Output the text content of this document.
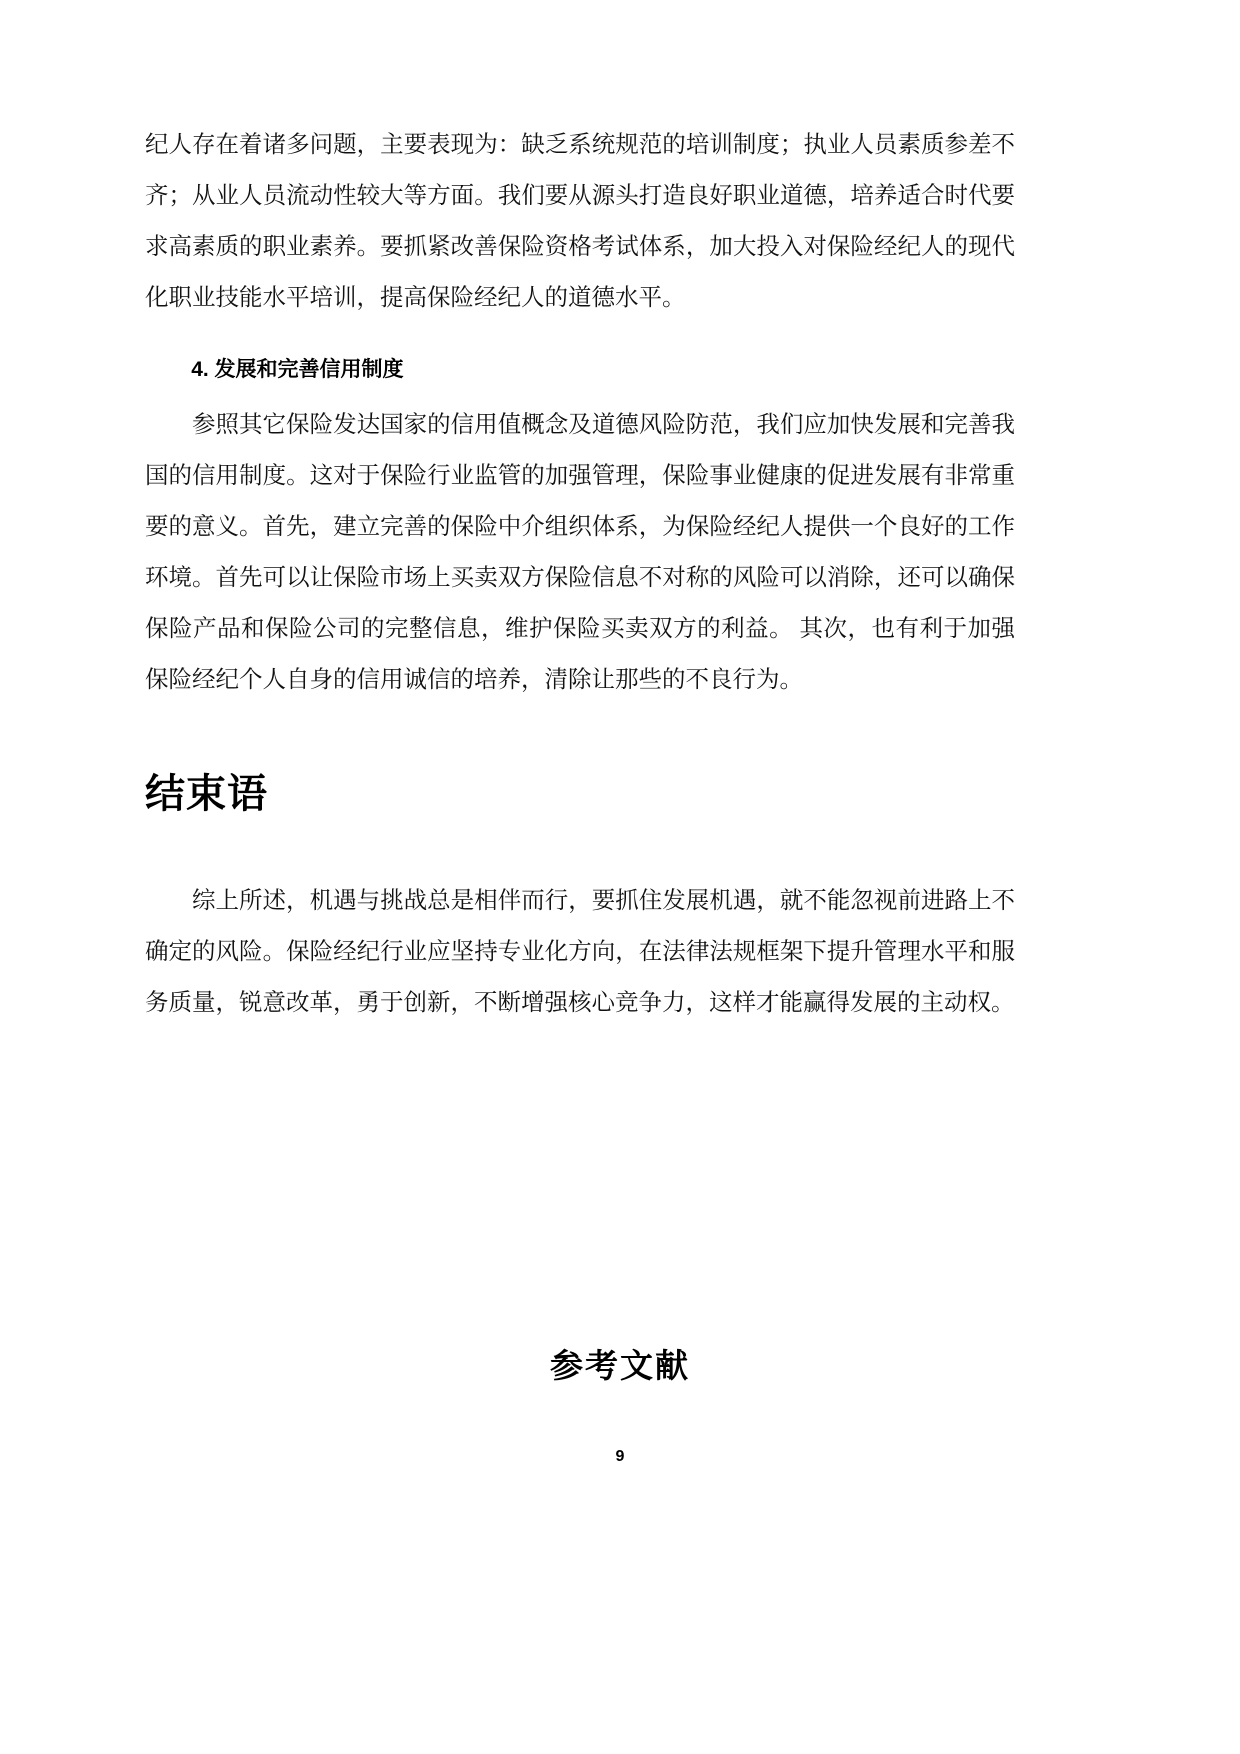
纪人存在着诸多问题，主要表现为：缺乏系统规范的培训制度；执业人员素质参差不齐；从业人员流动性较大等方面。我们要从源头打造良好职业道德，培养适合时代要求高素质的职业素养。要抓紧改善保险资格考试体系，加大投入对保险经纪人的现代化职业技能水平培训，提高保险经纪人的道德水平。

4. 发展和完善信用制度

参照其它保险发达国家的信用值概念及道德风险防范，我们应加快发展和完善我国的信用制度。这对于保险行业监管的加强管理，保险事业健康的促进发展有非常重要的意义。首先，建立完善的保险中介组织体系，为保险经纪人提供一个良好的工作环境。首先可以让保险市场上买卖双方保险信息不对称的风险可以消除，还可以确保保险产品和保险公司的完整信息，维护保险买卖双方的利益。 其次，也有利于加强保险经纪个人自身的信用诚信的培养，清除让那些的不良行为。

结束语

综上所述，机遇与挑战总是相伴而行，要抓住发展机遇，就不能忽视前进路上不确定的风险。保险经纪行业应坚持专业化方向，在法律法规框架下提升管理水平和服务质量，锐意改革，勇于创新，不断增强核心竞争力，这样才能赢得发展的主动权。

参考文献
9
